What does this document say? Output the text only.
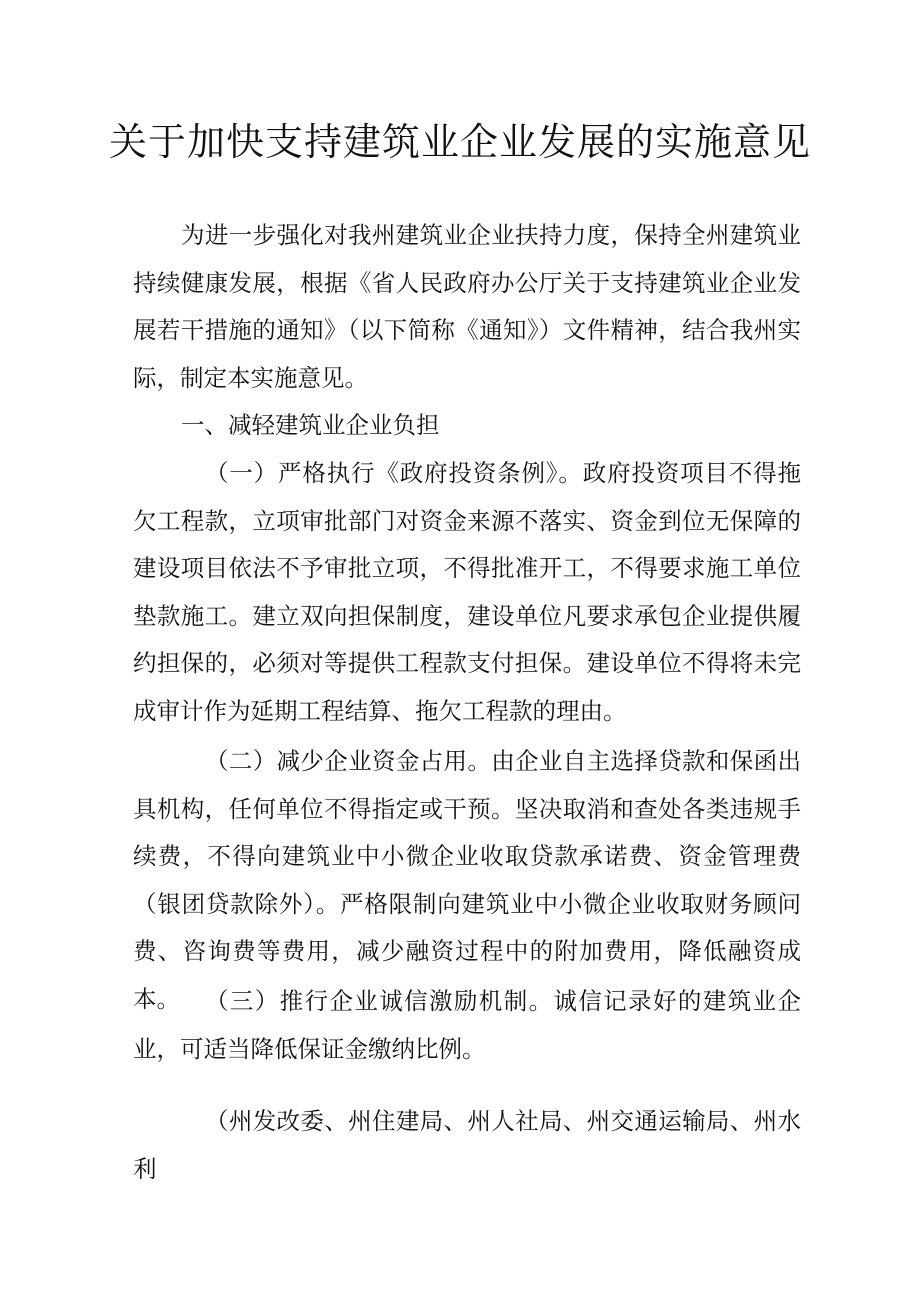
关于加快支持建筑业企业发展的实施意见

为进一步强化对我州建筑业企业扶持力度，保持全州建筑业持续健康发展，根据《省人民政府办公厅关于支持建筑业企业发展若干措施的通知》（以下简称《通知》）文件精神，结合我州实际，制定本实施意见。

一、减轻建筑业企业负担

（一）严格执行《政府投资条例》。政府投资项目不得拖欠工程款，立项审批部门对资金来源不落实、资金到位无保障的建设项目依法不予审批立项，不得批准开工，不得要求施工单位垫款施工。建立双向担保制度，建设单位凡要求承包企业提供履约担保的，必须对等提供工程款支付担保。建设单位不得将未完成审计作为延期工程结算、拖欠工程款的理由。

（二）减少企业资金占用。由企业自主选择贷款和保函出具机构，任何单位不得指定或干预。坚决取消和查处各类违规手续费，不得向建筑业中小微企业收取贷款承诺费、资金管理费（银团贷款除外）。严格限制向建筑业中小微企业收取财务顾问费、咨询费等费用，减少融资过程中的附加费用，降低融资成本。	（三）推行企业诚信激励机制。诚信记录好的建筑业企业，可适当降低保证金缴纳比例。

（州发改委、州住建局、州人社局、州交通运输局、州水利
